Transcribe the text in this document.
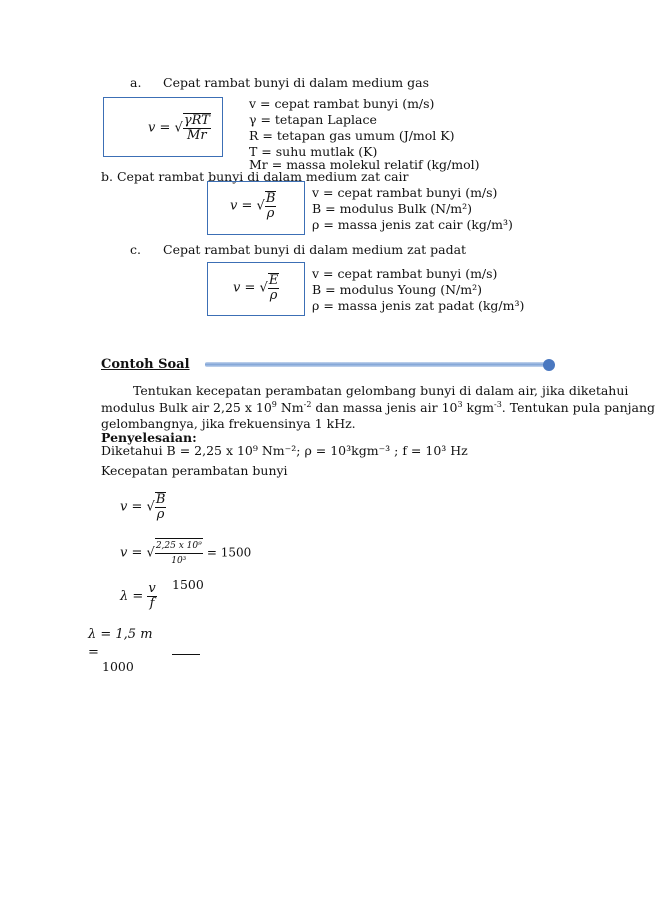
a. Cepat rambat bunyi di dalam medium gas
v = √ $\frac{\text{γRT}}{Mr}$
v = cepat rambat bunyi (m/s)
γ = tetapan Laplace
R = tetapan gas umum (J/mol K)
T = suhu mutlak (K)
Mr = massa molekul relatif (kg/mol)
b. Cepat rambat bunyi di dalam medium zat cair
v = √ $\frac{B}{\rho}$	v = cepat rambat bunyi (m/s)
B = modulus Bulk (N/m²)
ρ = massa jenis zat cair (kg/m³)
c. Cepat rambat bunyi di dalam medium zat padat
v = √ $\frac{E}{\rho}$	v = cepat rambat bunyi (m/s)
B = modulus Young (N/m²)
ρ = massa jenis zat padat (kg/m³)
Contoh Soal
Tentukan kecepatan perambatan gelombang bunyi di dalam air, jika diketahui
modulus Bulk air 2,25 x $10^9$ $Nm^{-2}$ dan massa jenis air $10^3$ kgm$^{-3}$. Tentukan pula panjang
gelombangnya, jika frekuensinya 1 kHz.
Penyelesaian:
Diketahui B = 2,25 x 10⁹ Nm⁻²; ρ = 10³kgm⁻³ ; f = 10³ Hz
Kecepatan perambatan bunyi
v = √ $\frac{B}{\rho}$
v = √ $\frac{\text{2,25 x 10⁹}}{\text{10³}} = 1500$
$\lambda = \frac{v}{f} 1500$
λ = 1,5 m
=
1000
